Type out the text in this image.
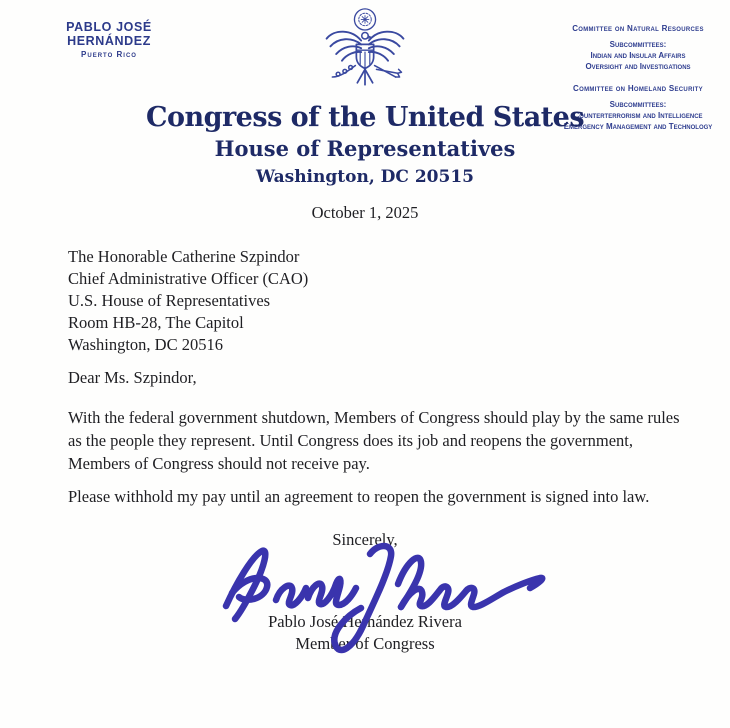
PABLO JOSÉ HERNÁNDEZ
Puerto Rico
Committee on Natural Resources
Subcommittees:
Indian and Insular Affairs
Oversight and Investigations
Committee on Homeland Security
Subcommittees:
Counterterrorism and Intelligence
Emergency Management and Technology
Congress of the United States
House of Representatives
Washington, DC 20515
October 1, 2025
The Honorable Catherine Szpindor
Chief Administrative Officer (CAO)
U.S. House of Representatives
Room HB-28, The Capitol
Washington, DC 20516
Dear Ms. Szpindor,
With the federal government shutdown, Members of Congress should play by the same rules as the people they represent. Until Congress does its job and reopens the government, Members of Congress should not receive pay.
Please withhold my pay until an agreement to reopen the government is signed into law.
Sincerely,
Pablo José Hernández Rivera
Member of Congress
